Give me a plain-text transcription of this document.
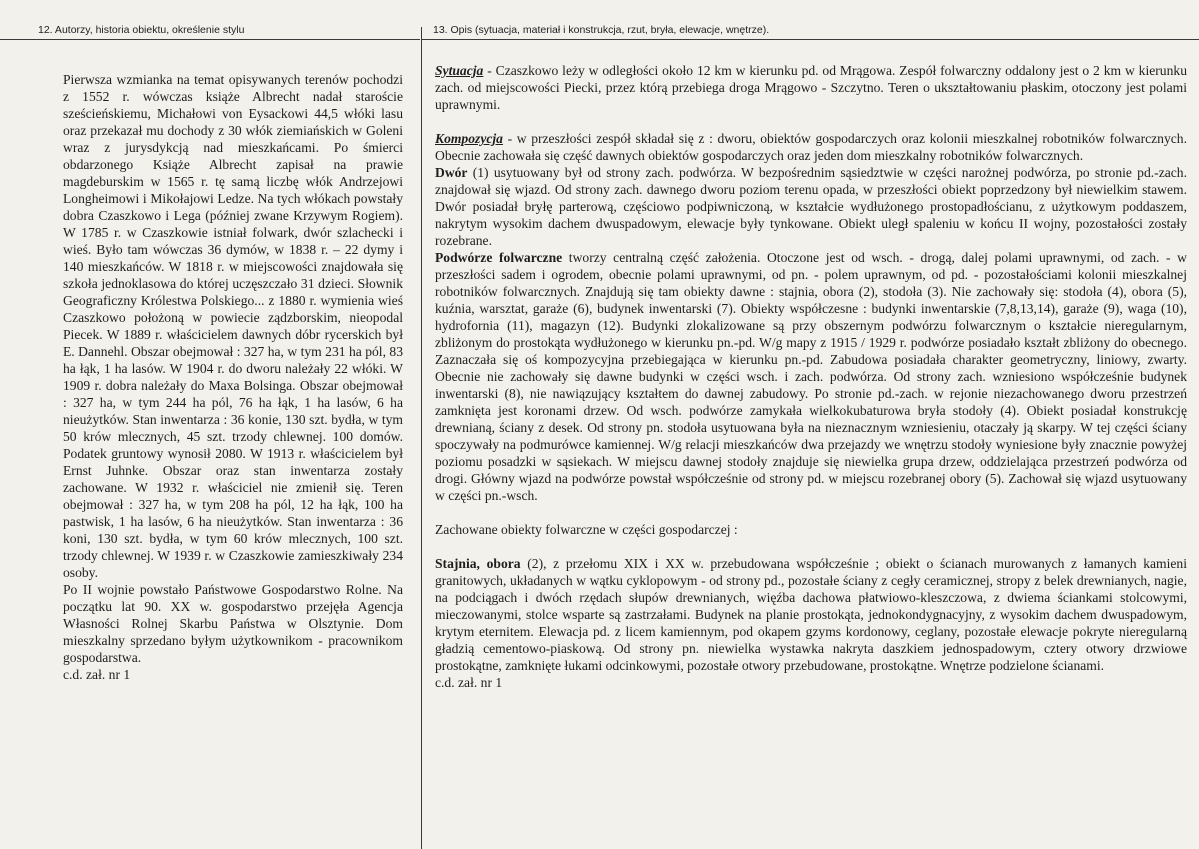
12. Autorzy, historia obiektu, określenie stylu

Pierwsza wzmianka na temat opisywanych terenów pochodzi z 1552 r. wówczas książe Albrecht nadał staroście sześcieńskiemu, Michałowi von Eysackowi 44,5 włóki lasu oraz przekazał mu dochody z 30 włók ziemiańskich w Goleni wraz z jurysdykcją nad mieszkańcami. Po śmierci obdarzonego Książe Albrecht zapisał na prawie magdeburskim w 1565 r. tę samą liczbę włók Andrzejowi Longheimowi i Mikołajowi Ledze. Na tych włókach powstały dobra Czaszkowo i Lega (później zwane Krzywym Rogiem). W 1785 r. w Czaszkowie istniał folwark, dwór szlachecki i wieś. Było tam wówczas 36 dymów, w 1838 r. – 22 dymy i 140 mieszkańców. W 1818 r. w miejscowości znajdowała się szkoła jednoklasowa do której uczęszczało 31 dzieci. Słownik Geograficzny Królestwa Polskiego... z 1880 r. wymienia wieś Czaszkowo położoną w powiecie ządzborskim, nieopodal Piecek. W 1889 r. właścicielem dawnych dóbr rycerskich był E. Dannehl. Obszar obejmował : 327 ha, w tym 231 ha pól, 83 ha łąk, 1 ha lasów. W 1904 r. do dworu należały 22 włóki. W 1909 r. dobra należały do Maxa Bolsinga. Obszar obejmował : 327 ha, w tym 244 ha pól, 76 ha łąk, 1 ha lasów, 6 ha nieużytków. Stan inwentarza : 36 konie, 130 szt. bydła, w tym 50 krów mlecznych, 45 szt. trzody chlewnej. 100 domów. Podatek gruntowy wynosił 2080. W 1913 r. właścicielem był Ernst Juhnke. Obszar oraz stan inwentarza zostały zachowane. W 1932 r. właściciel nie zmienił się. Teren obejmował : 327 ha, w tym 208 ha pól, 12 ha łąk, 100 ha pastwisk, 1 ha lasów, 6 ha nieużytków. Stan inwentarza : 36 koni, 130 szt. bydła, w tym 60 krów mlecznych, 100 szt. trzody chlewnej. W 1939 r. w Czaszkowie zamieszkiwały 234 osoby.

Po II wojnie powstało Państwowe Gospodarstwo Rolne. Na początku lat 90. XX w. gospodarstwo przejęła Agencja Własności Rolnej Skarbu Państwa w Olsztynie. Dom mieszkalny sprzedano byłym użytkownikom - pracownikom gospodarstwa.

c.d. zał. nr 1

13. Opis (sytuacja, materiał i konstrukcja, rzut, bryła, elewacje, wnętrze).

Sytuacja - Czaszkowo leży w odległości około 12 km w kierunku pd. od Mrągowa. Zespół folwarczny oddalony jest o 2 km w kierunku zach. od miejscowości Piecki, przez którą przebiega droga Mrągowo - Szczytno. Teren o ukształtowaniu płaskim, otoczony jest polami uprawnymi.

Kompozycja - w przeszłości zespół składał się z : dworu, obiektów gospodarczych oraz kolonii mieszkalnej robotników folwarcznych. Obecnie zachowała się część dawnych obiektów gospodarczych oraz jeden dom mieszkalny robotników folwarcznych.

Dwór (1) usytuowany był od strony zach. podwórza. W bezpośrednim sąsiedztwie w części narożnej podwórza, po stronie pd.-zach. znajdował się wjazd. Od strony zach. dawnego dworu poziom terenu opada, w przeszłości obiekt poprzedzony był niewielkim stawem. Dwór posiadał bryłę parterową, częściowo podpiwniczoną, w kształcie wydłużonego prostopadłościanu, z użytkowym poddaszem, nakrytym wysokim dachem dwuspadowym, elewacje były tynkowane. Obiekt uległ spaleniu w końcu II wojny, pozostałości zostały rozebrane.

Podwórze folwarczne tworzy centralną część założenia. Otoczone jest od wsch. - drogą, dalej polami uprawnymi, od zach. - w przeszłości sadem i ogrodem, obecnie polami uprawnymi, od pn. - polem uprawnym, od pd. - pozostałościami kolonii mieszkalnej robotników folwarcznych. Znajdują się tam obiekty dawne : stajnia, obora (2), stodoła (3). Nie zachowały się: stodoła (4), obora (5), kuźnia, warsztat, garaże (6), budynek inwentarski (7). Obiekty współczesne : budynki inwentarskie (7,8,13,14), garaże (9), waga (10), hydrofornia (11), magazyn (12). Budynki zlokalizowane są przy obszernym podwórzu folwarcznym o kształcie nieregularnym, zbliżonym do prostokąta wydłużonego w kierunku pn.-pd. W/g mapy z 1915 / 1929 r. podwórze posiadało kształt zbliżony do obecnego. Zaznaczała się oś kompozycyjna przebiegająca w kierunku pn.-pd. Zabudowa posiadała charakter geometryczny, liniowy, zwarty. Obecnie nie zachowały się dawne budynki w części wsch. i zach. podwórza. Od strony zach. wzniesiono współcześnie budynek inwentarski (8), nie nawiązujący kształtem do dawnej zabudowy. Po stronie pd.-zach. w rejonie niezachowanego dworu przestrzeń zamknięta jest koronami drzew. Od wsch. podwórze zamykała wielkokubaturowa bryła stodoły (4). Obiekt posiadał konstrukcję drewnianą, ściany z desek. Od strony pn. stodoła usytuowana była na nieznacznym wzniesieniu, otaczały ją skarpy. W tej części ściany spoczywały na podmurówce kamiennej. W/g relacji mieszkańców dwa przejazdy we wnętrzu stodoły wyniesione były znacznie powyżej poziomu posadzki w sąsiekach. W miejscu dawnej stodoły znajduje się niewielka grupa drzew, oddzielająca przestrzeń podwórza od drogi. Główny wjazd na podwórze powstał współcześnie od strony pd. w miejscu rozebranej obory (5). Zachował się wjazd usytuowany w części pn.-wsch.

Zachowane obiekty folwarczne w części gospodarczej :

Stajnia, obora (2), z przełomu XIX i XX w. przebudowana współcześnie ; obiekt o ścianach murowanych z łamanych kamieni granitowych, układanych w wątku cyklopowym - od strony pd., pozostałe ściany z cegły ceramicznej, stropy z belek drewnianych, nagie, na podciągach i dwóch rzędach słupów drewnianych, więźba dachowa płatwiowo-kleszczowa, z dwiema ściankami stolcowymi, mieczowanymi, stolce wsparte są zastrzałami. Budynek na planie prostokąta, jednokondygnacyjny, z wysokim dachem dwuspadowym, krytym eternitem. Elewacja pd. z licem kamiennym, pod okapem gzyms kordonowy, ceglany, pozostałe elewacje pokryte nieregularną gładzią cementowo-piaskową. Od strony pn. niewielka wystawka nakryta daszkiem jednospadowym, cztery otwory drzwiowe prostokątne, zamknięte łukami odcinkowymi, pozostałe otwory przebudowane, prostokątne. Wnętrze podzielone ścianami.

c.d. zał. nr 1
